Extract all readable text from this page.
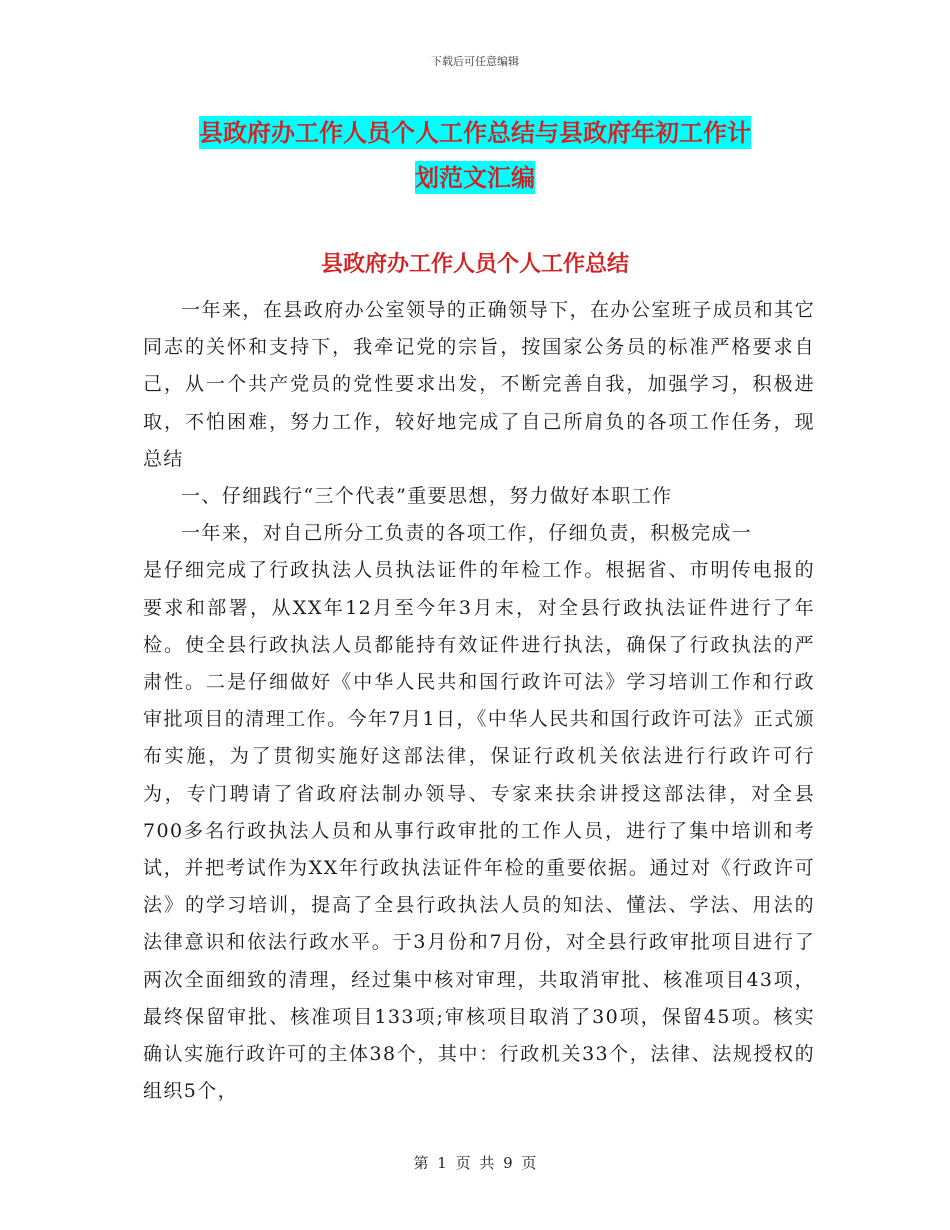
下载后可任意编辑
县政府办工作人员个人工作总结与县政府年初工作计
划范文汇编
县政府办工作人员个人工作总结

一年来，在县政府办公室领导的正确领导下，在办公室班子成员和其它同志的关怀和支持下，我牵记党的宗旨，按国家公务员的标准严格要求自己，从一个共产党员的党性要求出发，不断完善自我，加强学习，积极进取，不怕困难，努力工作，较好地完成了自己所肩负的各项工作任务，现总结

一、仔细践行“三个代表”重要思想，努力做好本职工作

一年来，对自己所分工负责的各项工作，仔细负责，积极完成一

是仔细完成了行政执法人员执法证件的年检工作。根据省、市明传电报的要求和部署，从XX年12月至今年3月末，对全县行政执法证件进行了年检。使全县行政执法人员都能持有效证件进行执法，确保了行政执法的严肃性。二是仔细做好《中华人民共和国行政许可法》学习培训工作和行政审批项目的清理工作。今年7月1日，《中华人民共和国行政许可法》正式颁布实施，为了贯彻实施好这部法律，保证行政机关依法进行行政许可行为，专门聘请了省政府法制办领导、专家来扶余讲授这部法律，对全县700多名行政执法人员和从事行政审批的工作人员，进行了集中培训和考试，并把考试作为XX年行政执法证件年检的重要依据。通过对《行政许可法》的学习培训，提高了全县行政执法人员的知法、懂法、学法、用法的法律意识和依法行政水平。于3月份和7月份，对全县行政审批项目进行了两次全面细致的清理，经过集中核对审理，共取消审批、核准项目43项，最终保留审批、核准项目133项;审核项目取消了30项，保留45项。核实确认实施行政许可的主体38个，其中：行政机关33个，法律、法规授权的组织5个，

第 1 页 共 9 页
